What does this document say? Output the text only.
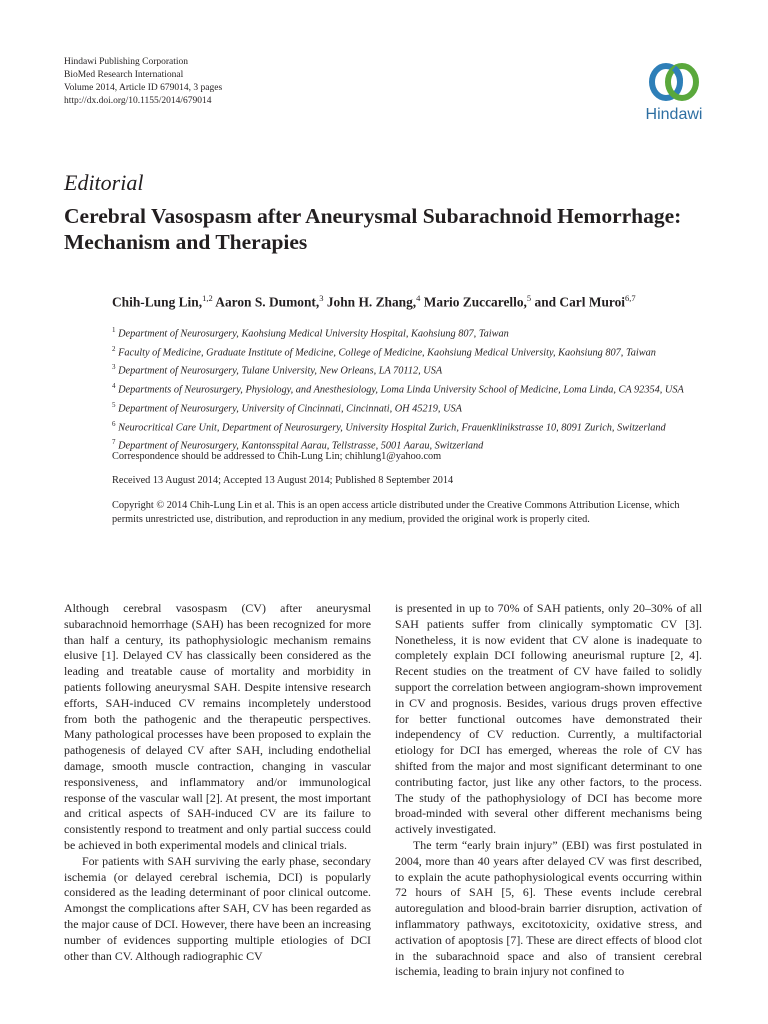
Hindawi Publishing Corporation
BioMed Research International
Volume 2014, Article ID 679014, 3 pages
http://dx.doi.org/10.1155/2014/679014
Hindawi
Editorial
Cerebral Vasospasm after Aneurysmal Subarachnoid Hemorrhage: Mechanism and Therapies
Chih-Lung Lin,$^{1,2}$ Aaron S. Dumont,$^3$ John H. Zhang,$^4$ Mario Zuccarello,$^5$ and Carl Muroi$^{6,7}$
$^1$ Department of Neurosurgery, Kaohsiung Medical University Hospital, Kaohsiung 807, Taiwan
$^2$ Faculty of Medicine, Graduate Institute of Medicine, College of Medicine, Kaohsiung Medical University, Kaohsiung 807, Taiwan
$^3$ Department of Neurosurgery, Tulane University, New Orleans, LA 70112, USA
$^4$ Departments of Neurosurgery, Physiology, and Anesthesiology, Loma Linda University School of Medicine, Loma Linda, CA 92354, USA
$^5$ Department of Neurosurgery, University of Cincinnati, Cincinnati, OH 45219, USA
$^6$ Neurocritical Care Unit, Department of Neurosurgery, University Hospital Zurich, Frauenklinikstrasse 10, 8091 Zurich, Switzerland
$^7$ Department of Neurosurgery, Kantonsspital Aarau, Tellstrasse, 5001 Aarau, Switzerland
Correspondence should be addressed to Chih-Lung Lin; chihlung1@yahoo.com
Received 13 August 2014; Accepted 13 August 2014; Published 8 September 2014
Copyright © 2014 Chih-Lung Lin et al. This is an open access article distributed under the Creative Commons Attribution License, which permits unrestricted use, distribution, and reproduction in any medium, provided the original work is properly cited.

Although cerebral vasospasm (CV) after aneurysmal subarachnoid hemorrhage (SAH) has been recognized for more than half a century, its pathophysiologic mechanism remains elusive [1]. Delayed CV has classically been considered as the leading and treatable cause of mortality and morbidity in patients following aneurysmal SAH. Despite intensive research efforts, SAH-induced CV remains incompletely understood from both the pathogenic and the therapeutic perspectives. Many pathological processes have been proposed to explain the pathogenesis of delayed CV after SAH, including endothelial damage, smooth muscle contraction, changing in vascular responsiveness, and inflammatory and/or immunological response of the vascular wall [2]. At present, the most important and critical aspects of SAH-induced CV are its failure to consistently respond to treatment and only partial success could be achieved in both experimental models and clinical trials.

For patients with SAH surviving the early phase, secondary ischemia (or delayed cerebral ischemia, DCI) is popularly considered as the leading determinant of poor clinical outcome. Amongst the complications after SAH, CV has been regarded as the major cause of DCI. However, there have been an increasing number of evidences supporting multiple etiologies of DCI other than CV. Although radiographic CV

is presented in up to 70% of SAH patients, only 20–30% of all SAH patients suffer from clinically symptomatic CV [3]. Nonetheless, it is now evident that CV alone is inadequate to completely explain DCI following aneurismal rupture [2, 4]. Recent studies on the treatment of CV have failed to solidly support the correlation between angiogram-shown improvement in CV and prognosis. Besides, various drugs proven effective for better functional outcomes have demonstrated their independency of CV reduction. Currently, a multifactorial etiology for DCI has emerged, whereas the role of CV has shifted from the major and most significant determinant to one contributing factor, just like any other factors, to the process. The study of the pathophysiology of DCI has become more broad-minded with several other different mechanisms being actively investigated.

The term “early brain injury” (EBI) was first postulated in 2004, more than 40 years after delayed CV was first described, to explain the acute pathophysiological events occurring within 72 hours of SAH [5, 6]. These events include cerebral autoregulation and blood-brain barrier disruption, activation of inflammatory pathways, excitotoxicity, oxidative stress, and activation of apoptosis [7]. These are direct effects of blood clot in the subarachnoid space and also of transient cerebral ischemia, leading to brain injury not confined to
